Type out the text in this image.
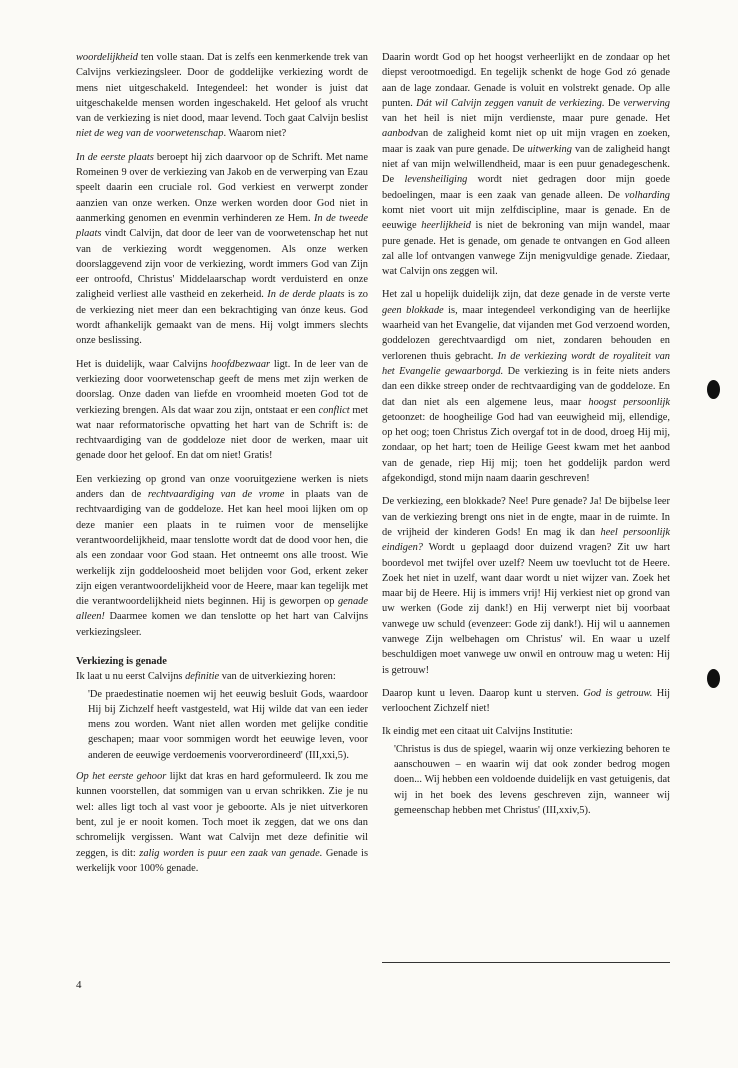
woordelijkheid ten volle staan. Dat is zelfs een kenmerkende trek van Calvijns verkiezingsleer. Door de goddelijke verkiezing wordt de mens niet uitgeschakeld. Integendeel: het wonder is juist dat uitgeschakelde mensen worden ingeschakeld. Het geloof als vrucht van de verkiezing is niet dood, maar levend. Toch gaat Calvijn beslist niet de weg van de voorwetenschap. Waarom niet?

In de eerste plaats beroept hij zich daarvoor op de Schrift. Met name Romeinen 9 over de verkiezing van Jakob en de verwerping van Ezau speelt daarin een cruciale rol. God verkiest en verwerpt zonder aanzien van onze werken. Onze werken worden door God niet in aanmerking genomen en evenmin verhinderen ze Hem. In de tweede plaats vindt Calvijn, dat door de leer van de voorwetenschap het nut van de verkiezing wordt weggenomen. Als onze werken doorslaggevend zijn voor de verkiezing, wordt immers God van Zijn eer ontroofd, Christus' Middelaarschap wordt verduisterd en onze zaligheid verliest alle vastheid en zekerheid. In de derde plaats is zo de verkiezing niet meer dan een bekrachtiging van ónze keus. God wordt afhankelijk gemaakt van de mens. Hij volgt immers slechts onze beslissing.

Het is duidelijk, waar Calvijns hoofdbezwaar ligt. In de leer van de verkiezing door voorwetenschap geeft de mens met zijn werken de doorslag. Onze daden van liefde en vroomheid moeten God tot de verkiezing brengen. Als dat waar zou zijn, ontstaat er een conflict met wat naar reformatorische opvatting het hart van de Schrift is: de rechtvaardiging van de goddeloze niet door de werken, maar uit genade door het geloof. En dat om niet! Gratis!

Een verkiezing op grond van onze vooruitgeziene werken is niets anders dan de rechtvaardiging van de vrome in plaats van de rechtvaardiging van de goddeloze. Het kan heel mooi lijken om op deze manier een plaats in te ruimen voor de menselijke verantwoordelijkheid, maar tenslotte wordt dat de dood voor hen, die als een zondaar voor God staan. Het ontneemt ons alle troost. Wie werkelijk zijn goddeloosheid moet belijden voor God, erkent zeker zijn eigen verantwoordelijkheid voor de Heere, maar kan tegelijk met die verantwoordelijkheid niets beginnen. Hij is geworpen op genade alleen! Daarmee komen we dan tenslotte op het hart van Calvijns verkiezingsleer.

Verkiezing is genade

Ik laat u nu eerst Calvijns definitie van de uitverkiezing horen:

'De praedestinatie noemen wij het eeuwig besluit Gods, waardoor Hij bij Zichzelf heeft vastgesteld, wat Hij wilde dat van een ieder mens zou worden. Want niet allen worden met gelijke conditie geschapen; maar voor sommigen wordt het eeuwige leven, voor anderen de eeuwige verdoemenis voorverordineerd' (III,xxi,5).

Op het eerste gehoor lijkt dat kras en hard geformuleerd. Ik zou me kunnen voorstellen, dat sommigen van u ervan schrikken. Zie je nu wel: alles ligt toch al vast voor je geboorte. Als je niet uitverkoren bent, zul je er nooit komen. Toch moet ik zeggen, dat we ons dan schromelijk vergissen. Want wat Calvijn met deze definitie wil zeggen, is dit: zalig worden is puur een zaak van genade. Genade is werkelijk voor 100% genade.

Daarin wordt God op het hoogst verheerlijkt en de zondaar op het diepst verootmoedigd. En tegelijk schenkt de hoge God zó genade aan de lage zondaar. Genade is voluit en volstrekt genade. Op alle punten. Dát wil Calvijn zeggen vanuit de verkiezing. De verwerving van het heil is niet mijn verdienste, maar pure genade. Het aanbodvan de zaligheid komt niet op uit mijn vragen en zoeken, maar is zaak van pure genade. De uitwerking van de zaligheid hangt niet af van mijn welwillendheid, maar is een puur genadegeschenk. De levensheiliging wordt niet gedragen door mijn goede bedoelingen, maar is een zaak van genade alleen. De volharding komt niet voort uit mijn zelfdiscipline, maar is genade. En de eeuwige heerlijkheid is niet de bekroning van mijn wandel, maar pure genade. Het is genade, om genade te ontvangen en God alleen zal alle lof ontvangen vanwege Zijn menigvuldige genade. Ziedaar, wat Calvijn ons zeggen wil.

Het zal u hopelijk duidelijk zijn, dat deze genade in de verste verte geen blokkade is, maar integendeel verkondiging van de heerlijke waarheid van het Evangelie, dat vijanden met God verzoend worden, goddelozen gerechtvaardigd om niet, zondaren behouden en verlorenen thuis gebracht. In de verkiezing wordt de royaliteit van het Evangelie gewaarborgd. De verkiezing is in feite niets anders dan een dikke streep onder de rechtvaardiging van de goddeloze. En dat dan niet als een algemene leus, maar hoogst persoonlijk getoonzet: de hoogheilige God had van eeuwigheid mij, ellendige, op het oog; toen Christus Zich overgaf tot in de dood, droeg Hij mij, zondaar, op het hart; toen de Heilige Geest kwam met het aanbod van de genade, riep Hij mij; toen het goddelijk pardon werd afgekondigd, stond mijn naam daarin geschreven!

De verkiezing, een blokkade? Nee! Pure genade? Ja! De bijbelse leer van de verkiezing brengt ons niet in de engte, maar in de ruimte. In de vrijheid der kinderen Gods! En mag ik dan heel persoonlijk eindigen? Wordt u geplaagd door duizend vragen? Zit uw hart boordevol met twijfel over uzelf? Neem uw toevlucht tot de Heere. Zoek het niet in uzelf, want daar wordt u niet wijzer van. Zoek het maar bij de Heere. Hij is immers vrij! Hij verkiest niet op grond van uw werken (Gode zij dank!) en Hij verwerpt niet bij voorbaat vanwege uw schuld (evenzeer: Gode zij dank!). Hij wil u aannemen vanwege Zijn welbehagen om Christus' wil. En waar u uzelf beschuldigen moet vanwege uw onwil en ontrouw mag u weten: Hij is getrouw!

Daarop kunt u leven. Daarop kunt u sterven. God is getrouw. Hij verloochent Zichzelf niet!

Ik eindig met een citaat uit Calvijns Institutie:

'Christus is dus de spiegel, waarin wij onze verkiezing behoren te aanschouwen – en waarin wij dat ook zonder bedrog mogen doen... Wij hebben een voldoende duidelijk en vast getuigenis, dat wij in het boek des levens geschreven zijn, wanneer wij gemeenschap hebben met Christus' (III,xxiv,5).
4
